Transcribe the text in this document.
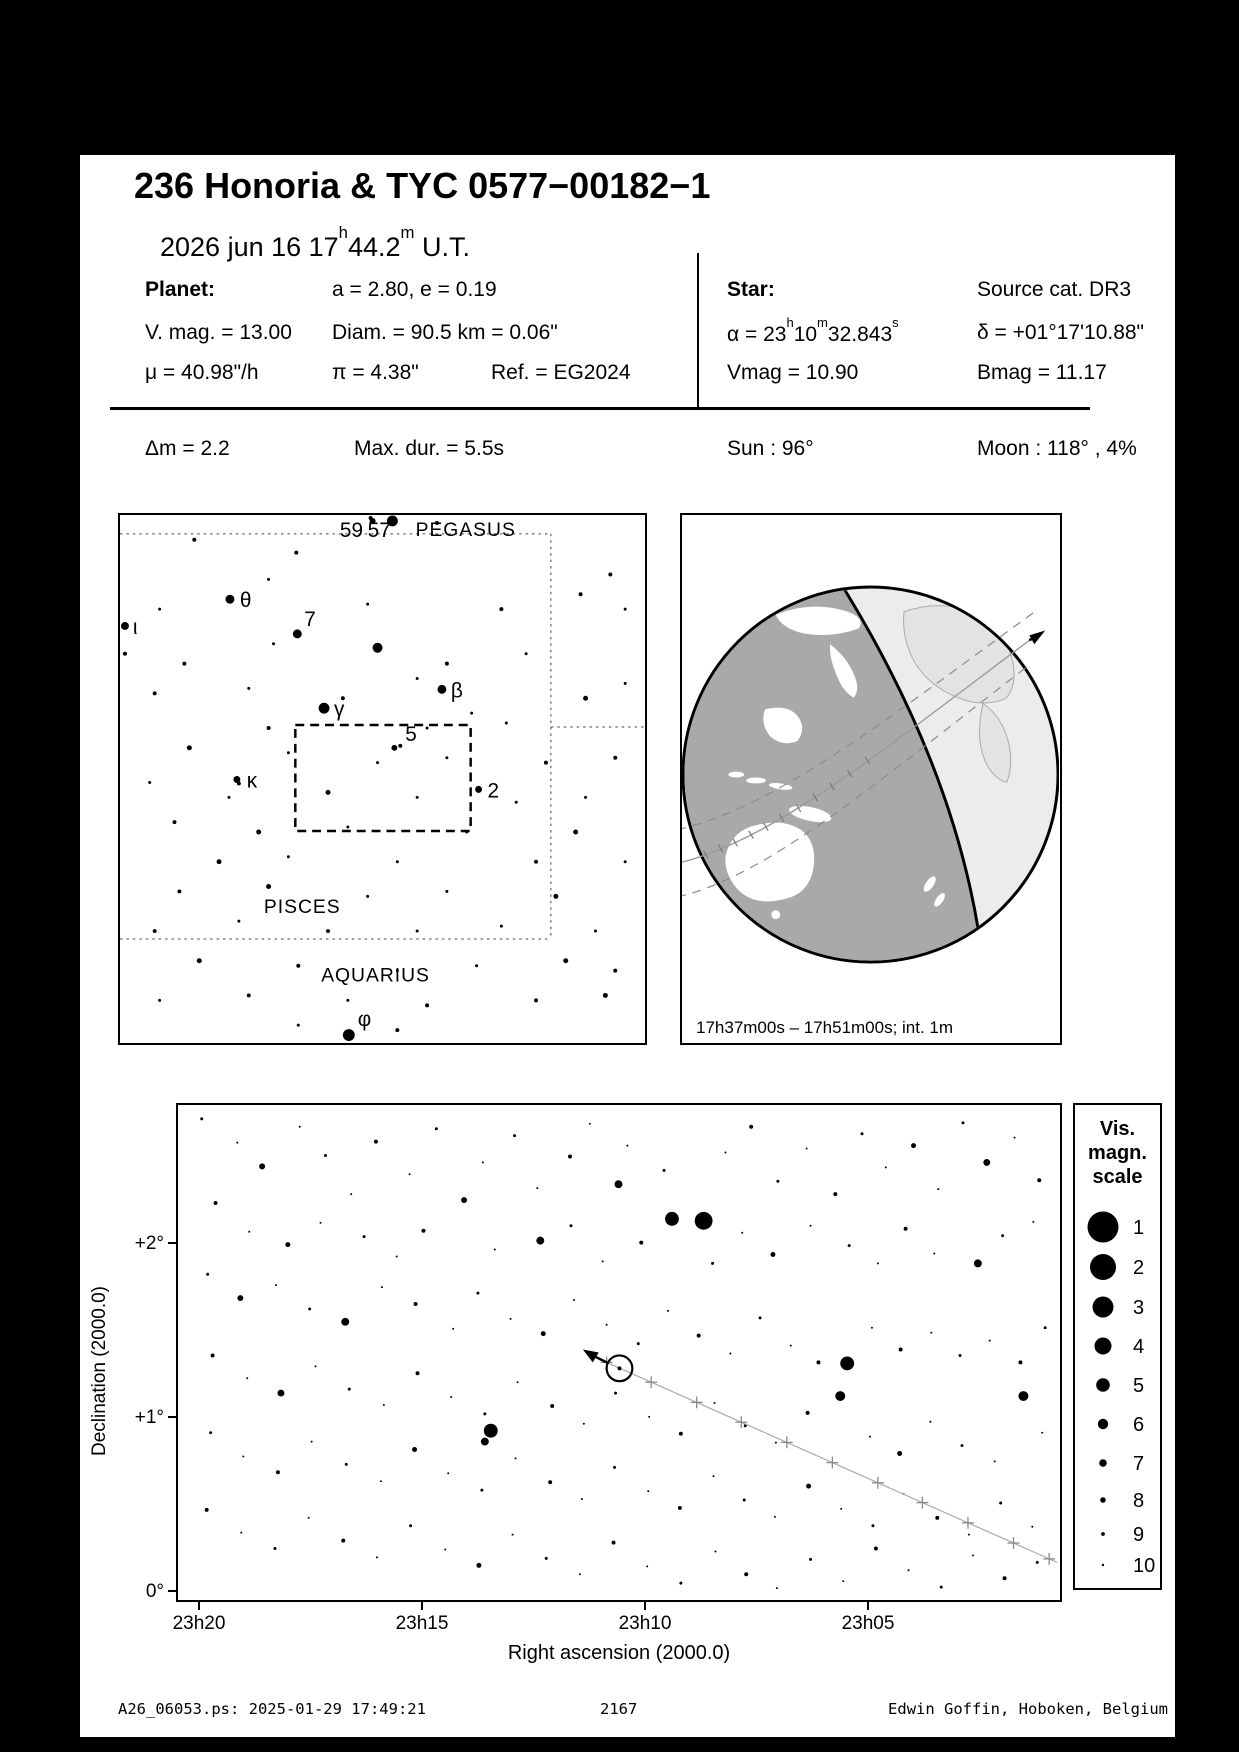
236 Honoria & TYC 0577−00182−1
2026 jun 16 17$^h$44.2$^m$ U.T.
Planet:	a = 2.80, e = 0.19
V. mag. = 13.00 Diam. = 90.5 km = 0.06"
μ = 40.98"/h	π = 4.38"	Ref. = EG2024
Star:	Source cat. DR3
$\alpha = 23^h10^m32.843^s$	δ = +01°17'10.88"
Vmag = 10.90	Bmag = 11.17
Δm = 2.2	Max. dur. = 5.5s	Sun : 96°	Moon : 118° , 4%
59 57
θ
ι	7
β
γ
5
κ	2
φ
PEGASUS
PISCES
AQUARIUS
17h37m00s – 17h51m00s; int. 1m
+2°
+1°
0°
23h20	23h15	23h10	23h05
Right ascension (2000.0)
Declination (2000.0)
Vis.
magn.
scale
1
2
3
4
5
6
7
8
9
10
A26_06053.ps: 2025-01-29 17:49:21	2167	Edwin Goffin, Hoboken, Belgium
